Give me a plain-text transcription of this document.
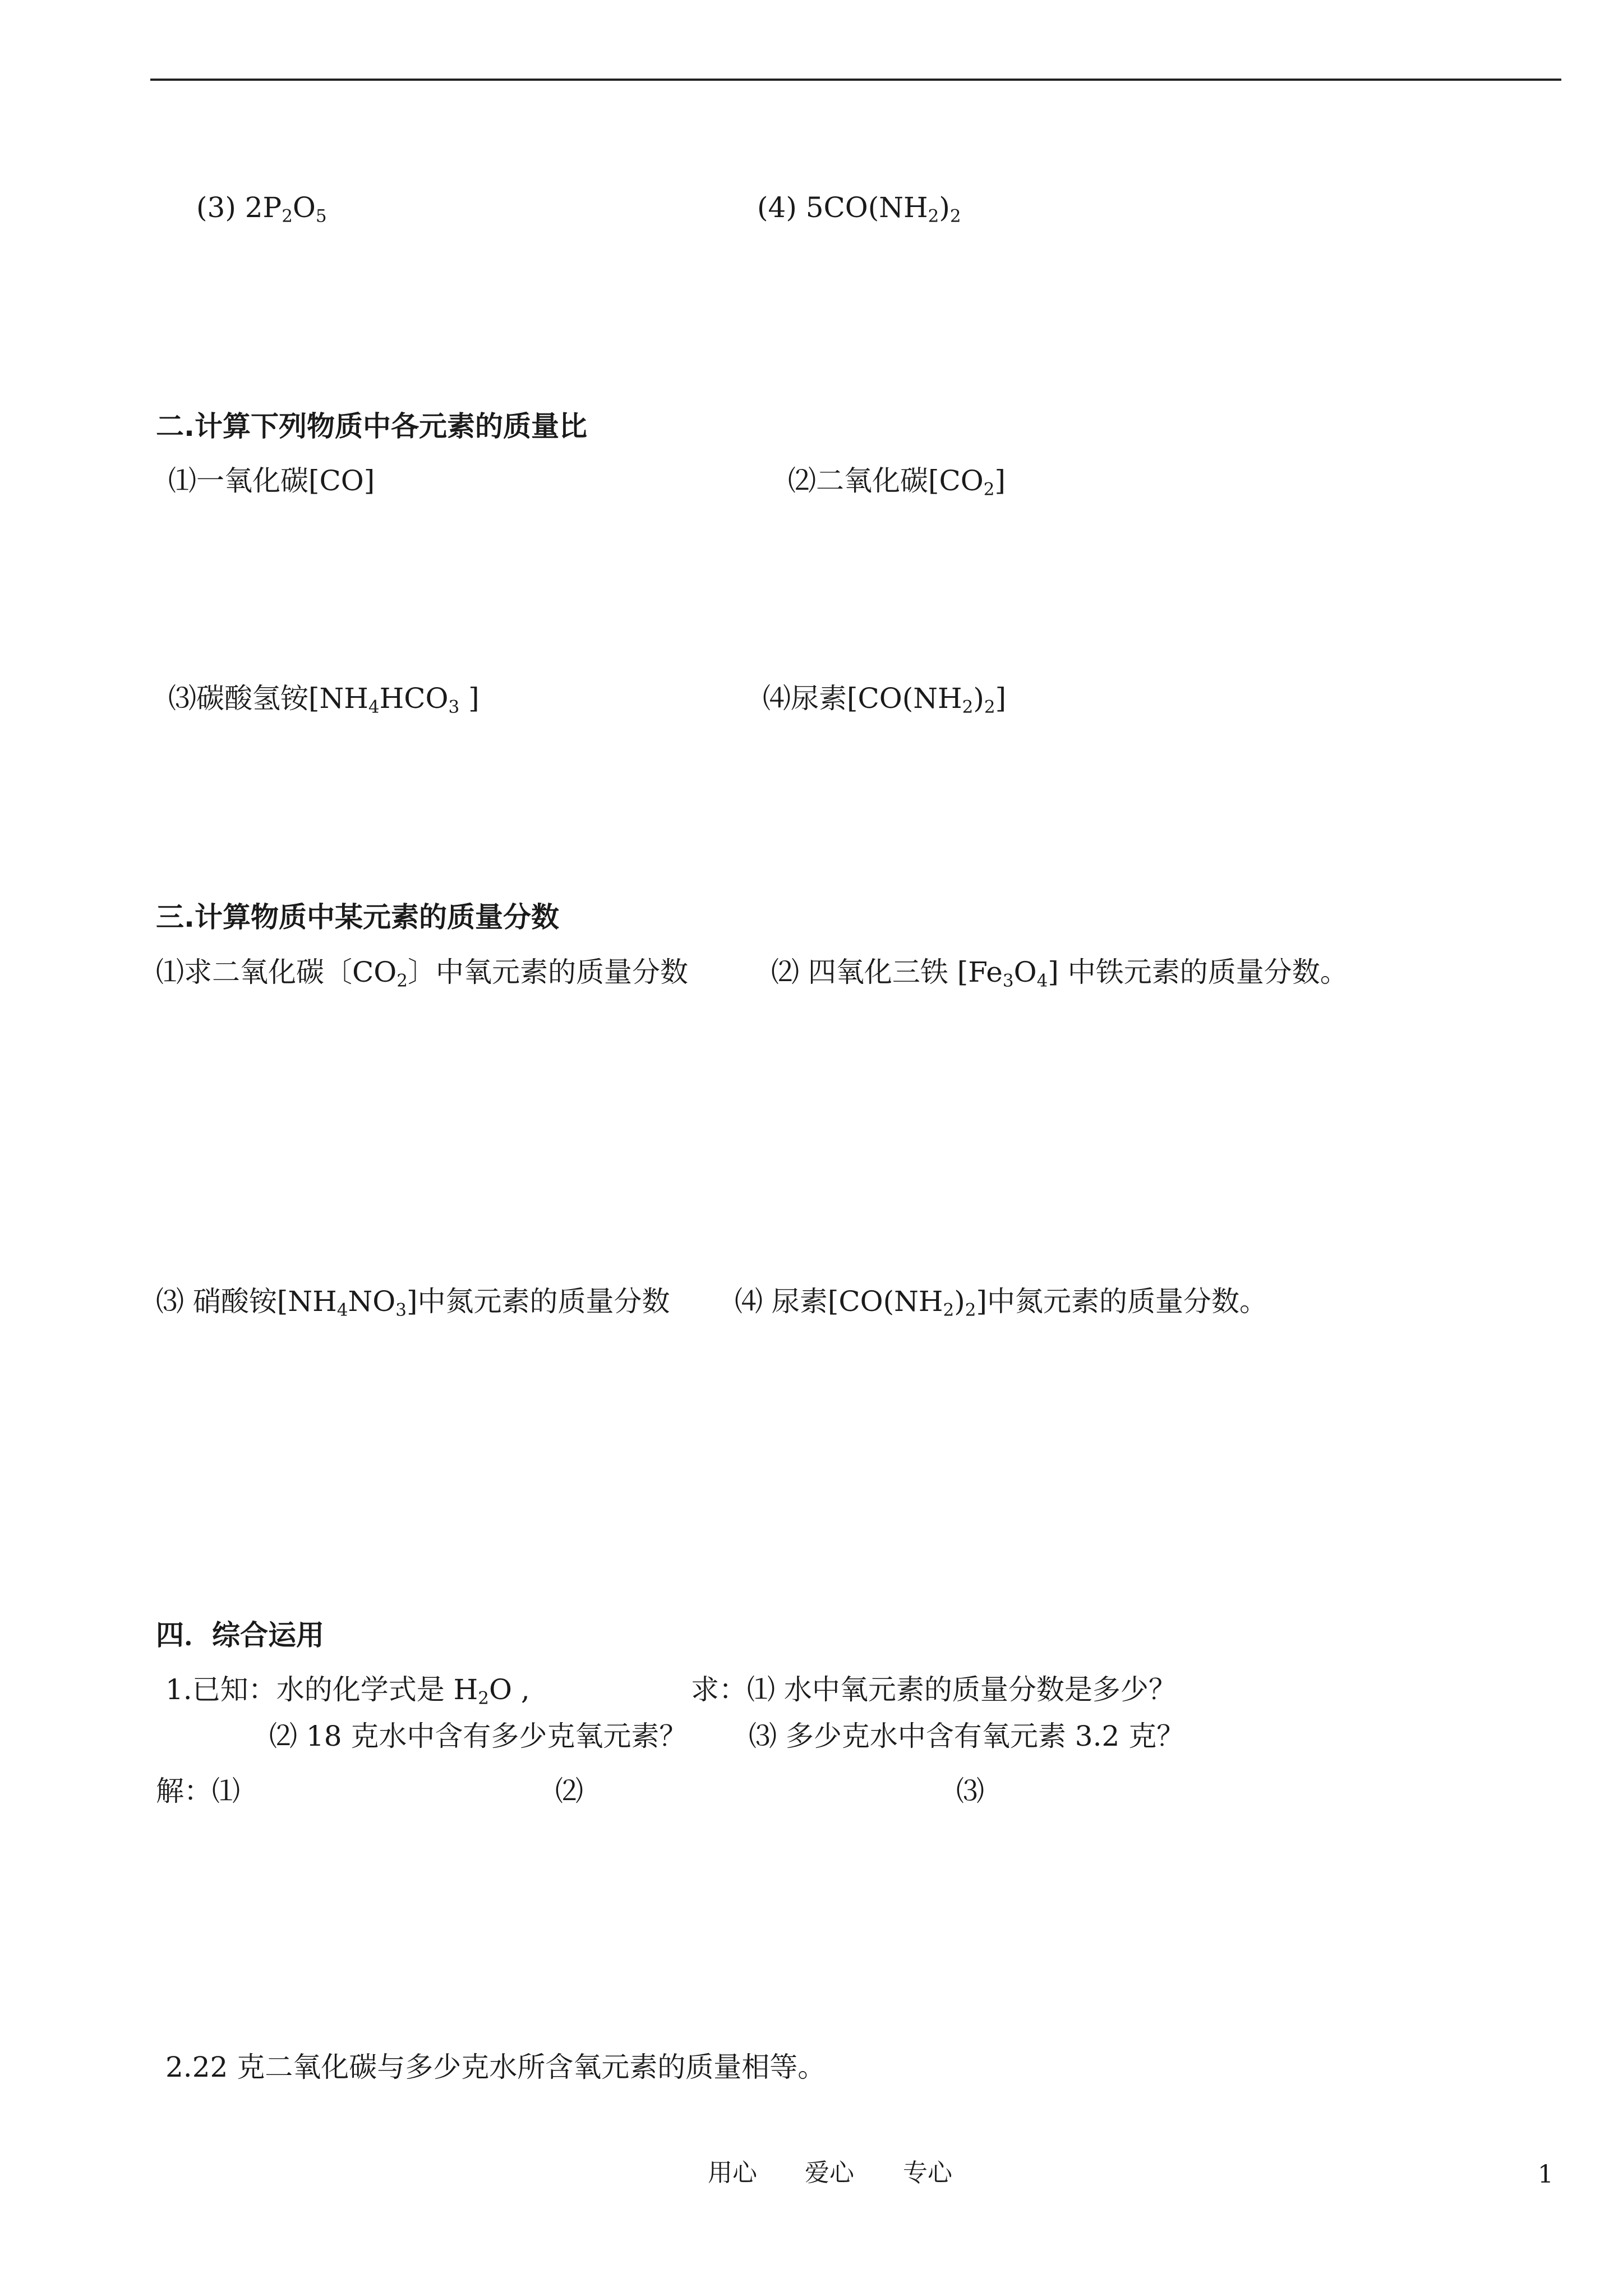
(3) $2P_2O_5$	(4) $5CO(NH_2)_2$
二.计算下列物质中各元素的质量比
⑴一氧化碳[CO]	⑵二氧化碳$[CO_2]$
⑶碳酸氢铵[$NH_4HCO_3$ ]	⑷尿素$[CO(NH_2)_2]$
三.计算物质中某元素的质量分数
⑴求二氧化碳〔$CO_2$〕中氧元素的质量分数	⑵ 四氧化三铁 $[Fe_3O_4]$ 中铁元素的质量分数。
⑶ 硝酸铵$[NH_4NO_3]$中氮元素的质量分数 ⑷ 尿素$[CO(NH_2)_2]$中氮元素的质量分数。
四．综合运用
1.已知：水的化学式是 $H_2O$ ,	求：⑴ 水中氧元素的质量分数是多少？
⑵ 18 克水中含有多少克氧元素？ ⑶ 多少克水中含有氧元素 3.2 克？
解：⑴	⑵	⑶
2.22 克二氧化碳与多少克水所含氧元素的质量相等。
用心 爱心 专心	1
